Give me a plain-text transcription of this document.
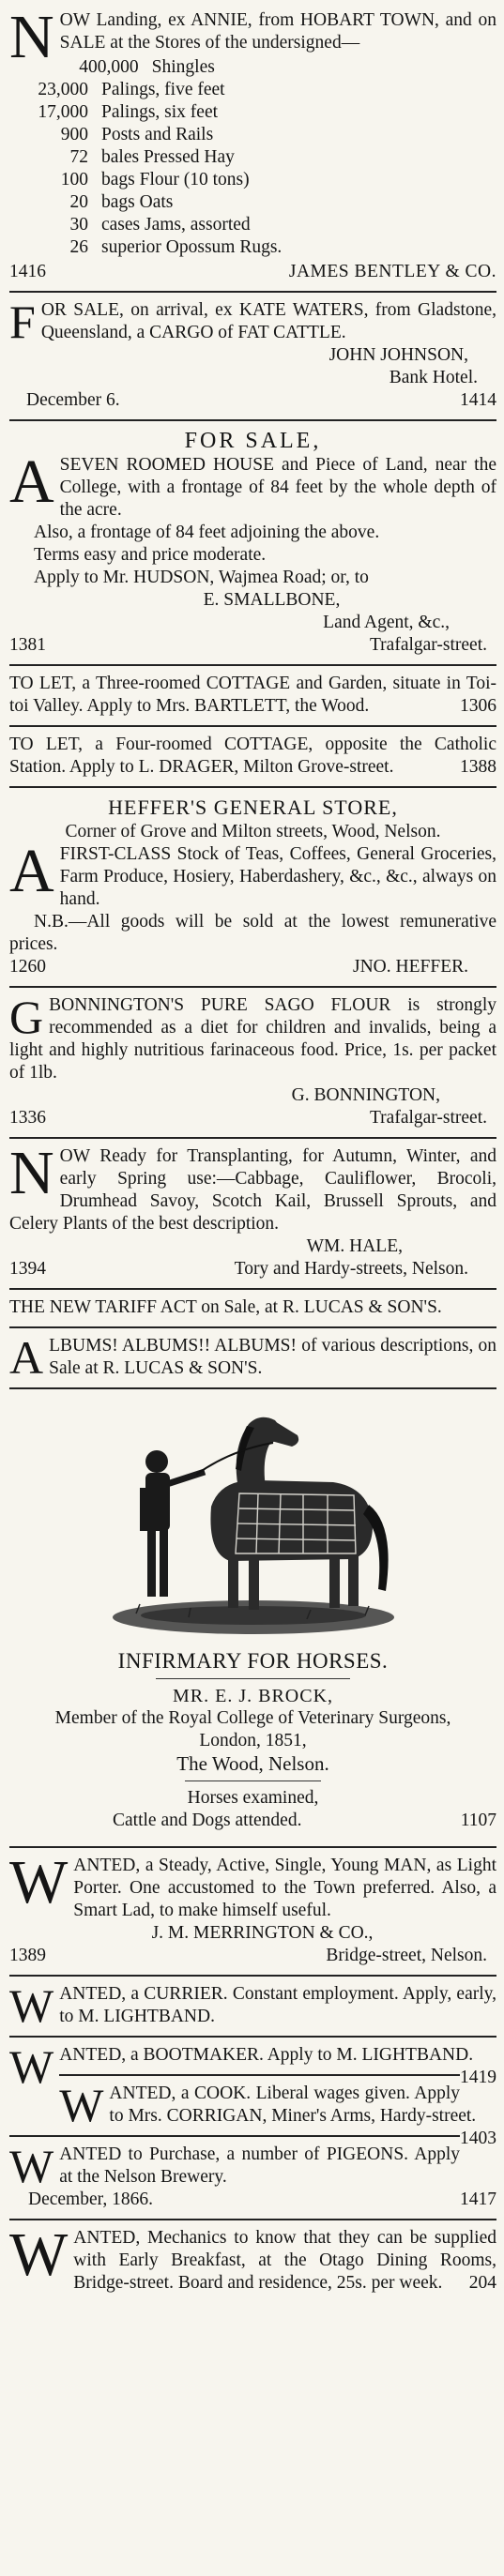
NOW Landing, ex ANNIE, from HOBART TOWN, and on SALE at the Stores of the undersigned—

400,000 Shingles
23,000 Palings, five feet
17,000 Palings, six feet
900 Posts and Rails
72 bales Pressed Hay
100 bags Flour (10 tons)
20 bags Oats
30 cases Jams, assorted
26 superior Opossum Rugs.
1416	JAMES BENTLEY & CO.

FOR SALE, on arrival, ex KATE WATERS, from Gladstone, Queensland, a CARGO of FAT CATTLE.

JOHN JOHNSON,

Bank Hotel.

December 6.	1414

FOR SALE,

ASEVEN ROOMED HOUSE and Piece of Land, near the College, with a frontage of 84 feet by the whole depth of the acre.

Also, a frontage of 84 feet adjoining the above.

Terms easy and price moderate.

Apply to Mr. HUDSON, Wajmea Road; or, to

E. SMALLBONE,

Land Agent, &c.,

1381	Trafalgar-street.

TO LET, a Three-roomed COTTAGE and Garden, situate in Toi-toi Valley. Apply to Mrs. BARTLETT, the Wood.	1306

TO LET, a Four-roomed COTTAGE, opposite the Catholic Station. Apply to L. DRAGER, Milton Grove-street.	1388

HEFFER'S GENERAL STORE,

Corner of Grove and Milton streets, Wood, Nelson.

AFIRST-CLASS Stock of Teas, Coffees, General Groceries, Farm Produce, Hosiery, Haberdashery, &c., &c., always on hand.

N.B.—All goods will be sold at the lowest remunerative prices.

1260	JNO. HEFFER.

GBONNINGTON'S PURE SAGO FLOUR is strongly recommended as a diet for children and invalids, being a light and highly nutritious farinaceous food. Price, 1s. per packet of 1lb.

G. BONNINGTON,

1336	Trafalgar-street.

NOW Ready for Transplanting, for Autumn, Winter, and early Spring use:—Cabbage, Cauliflower, Brocoli, Drumhead Savoy, Scotch Kail, Brussell Sprouts, and Celery Plants of the best description.

WM. HALE,

1394	Tory and Hardy-streets, Nelson.

THE NEW TARIFF ACT on Sale, at R. LUCAS & SON'S.

ALBUMS! ALBUMS!! ALBUMS! of various descriptions, on Sale at R. LUCAS & SON'S.

INFIRMARY FOR HORSES.

MR. E. J. BROCK,

Member of the Royal College of Veterinary Surgeons,

London, 1851,

The Wood, Nelson.

Horses examined,

Cattle and Dogs attended.	1107

WANTED, a Steady, Active, Single, Young MAN, as Light Porter. One accustomed to the Town preferred. Also, a Smart Lad, to make himself useful.

J. M. MERRINGTON & CO.,

1389	Bridge-street, Nelson.

WANTED, a CURRIER. Constant employment. Apply, early, to M. LIGHTBAND.

WANTED, a BOOTMAKER. Apply to M. LIGHTBAND.
1419

WANTED, a COOK. Liberal wages given. Apply to Mrs. CORRIGAN, Miner's Arms, Hardy-street.
1403

WANTED to Purchase, a number of PIGEONS. Apply at the Nelson Brewery.

December, 1866.	1417

WANTED, Mechanics to know that they can be supplied with Early Breakfast, at the Otago Dining Rooms, Bridge-street. Board and residence, 25s. per week. 204
